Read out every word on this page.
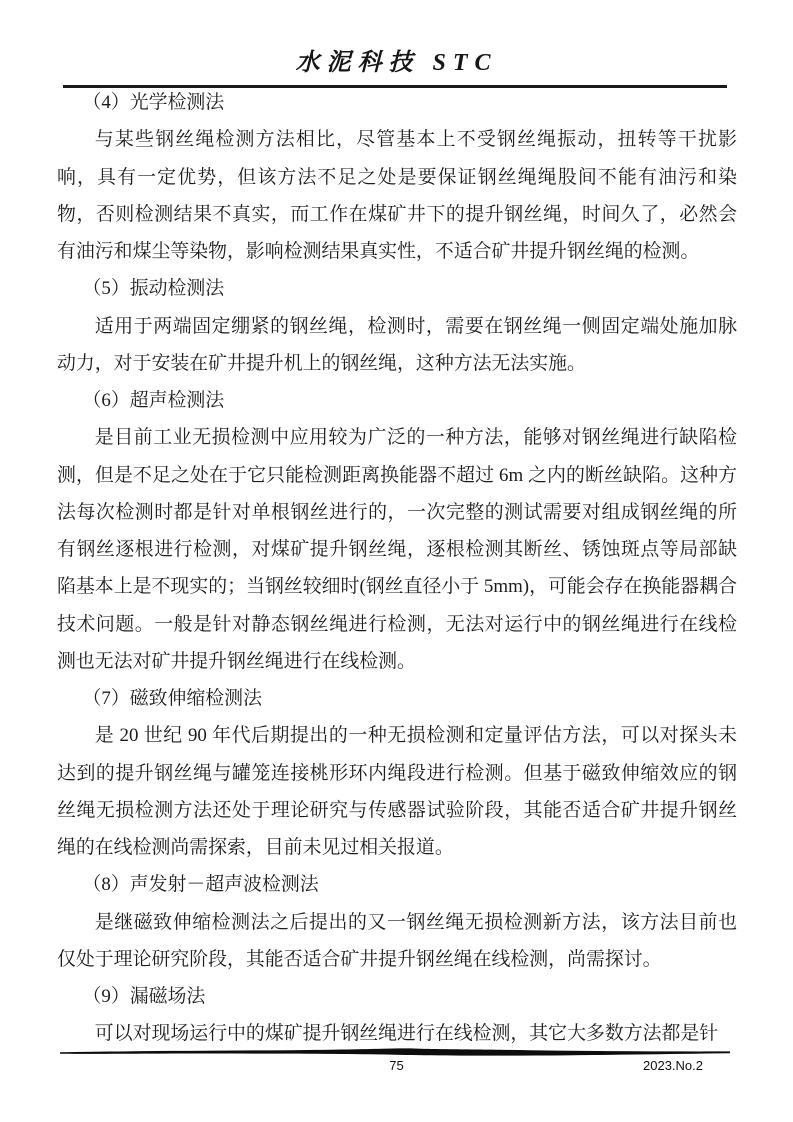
水泥科技 STC
（4）光学检测法

与某些钢丝绳检测方法相比，尽管基本上不受钢丝绳振动，扭转等干扰影响，具有一定优势，但该方法不足之处是要保证钢丝绳绳股间不能有油污和染物，否则检测结果不真实，而工作在煤矿井下的提升钢丝绳，时间久了，必然会有油污和煤尘等染物，影响检测结果真实性，不适合矿井提升钢丝绳的检测。

（5）振动检测法

适用于两端固定绷紧的钢丝绳，检测时，需要在钢丝绳一侧固定端处施加脉动力，对于安装在矿井提升机上的钢丝绳，这种方法无法实施。

（6）超声检测法

是目前工业无损检测中应用较为广泛的一种方法，能够对钢丝绳进行缺陷检测，但是不足之处在于它只能检测距离换能器不超过 6m 之内的断丝缺陷。这种方法每次检测时都是针对单根钢丝进行的，一次完整的测试需要对组成钢丝绳的所有钢丝逐根进行检测，对煤矿提升钢丝绳，逐根检测其断丝、锈蚀斑点等局部缺陷基本上是不现实的；当钢丝较细时(钢丝直径小于 5mm)，可能会存在换能器耦合技术问题。一般是针对静态钢丝绳进行检测，无法对运行中的钢丝绳进行在线检测也无法对矿井提升钢丝绳进行在线检测。

（7）磁致伸缩检测法

是 20 世纪 90 年代后期提出的一种无损检测和定量评估方法，可以对探头未达到的提升钢丝绳与罐笼连接桃形环内绳段进行检测。但基于磁致伸缩效应的钢丝绳无损检测方法还处于理论研究与传感器试验阶段，其能否适合矿井提升钢丝绳的在线检测尚需探索，目前未见过相关报道。

（8）声发射－超声波检测法

是继磁致伸缩检测法之后提出的又一钢丝绳无损检测新方法，该方法目前也仅处于理论研究阶段，其能否适合矿井提升钢丝绳在线检测，尚需探讨。

（9）漏磁场法

可以对现场运行中的煤矿提升钢丝绳进行在线检测，其它大多数方法都是针

75	2023.No.2
